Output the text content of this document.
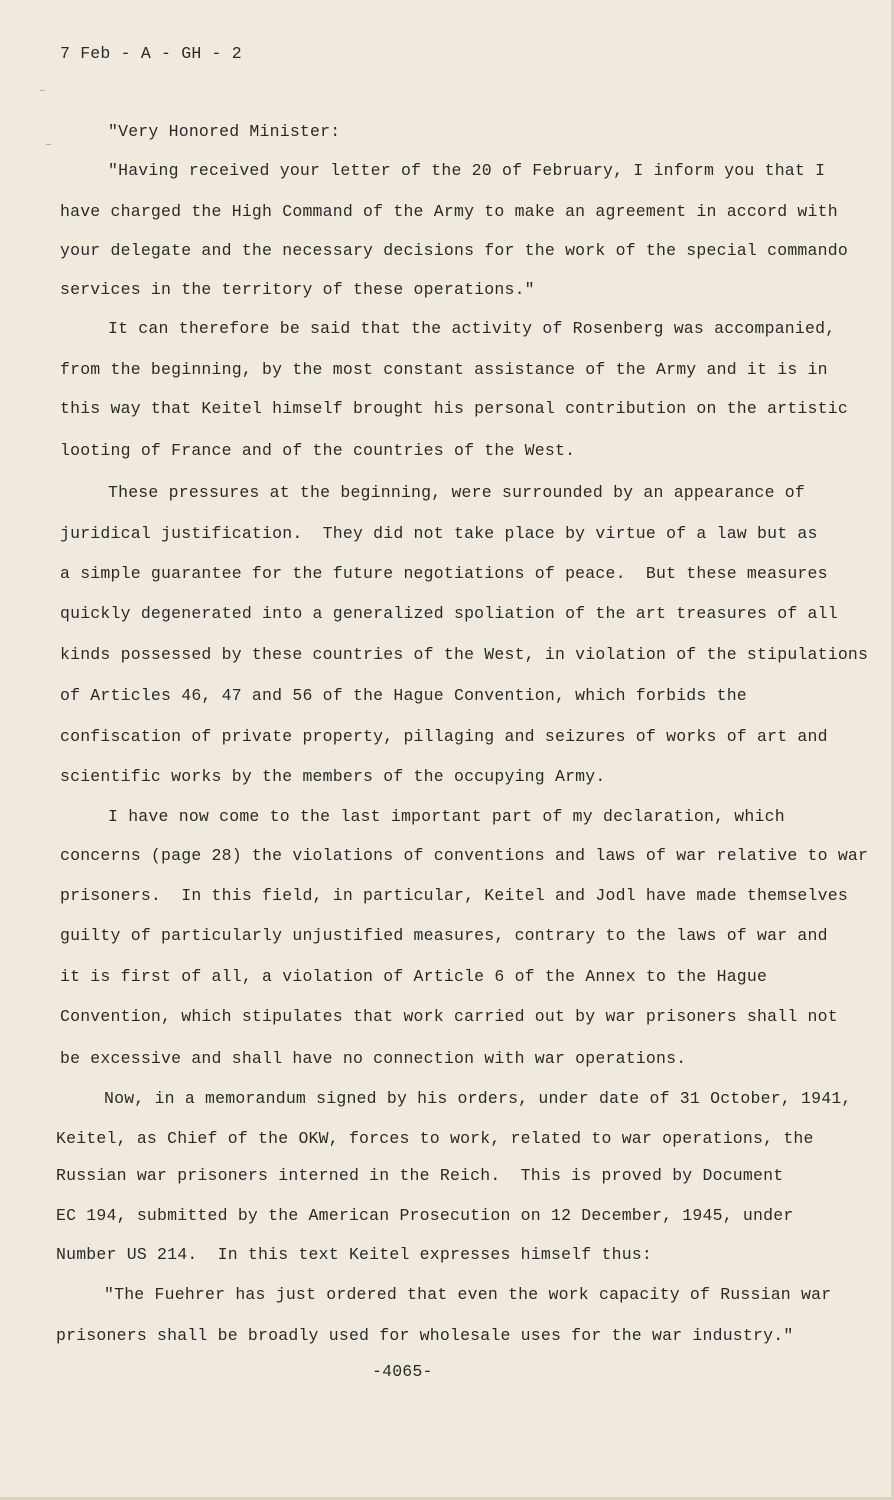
7 Feb - A - GH - 2
"Very Honored Minister:
"Having received your letter of the 20 of February, I inform you that I
have charged the High Command of the Army to make an agreement in accord with
your delegate and the necessary decisions for the work of the special commando
services in the territory of these operations."
It can therefore be said that the activity of Rosenberg was accompanied,
from the beginning, by the most constant assistance of the Army and it is in
this way that Keitel himself brought his personal contribution on the artistic
looting of France and of the countries of the West.
These pressures at the beginning, were surrounded by an appearance of
juridical justification.  They did not take place by virtue of a law but as
a simple guarantee for the future negotiations of peace.  But these measures
quickly degenerated into a generalized spoliation of the art treasures of all
kinds possessed by these countries of the West, in violation of the stipulations
of Articles 46, 47 and 56 of the Hague Convention, which forbids the
confiscation of private property, pillaging and seizures of works of art and
scientific works by the members of the occupying Army.
I have now come to the last important part of my declaration, which
concerns (page 28) the violations of conventions and laws of war relative to war
prisoners.  In this field, in particular, Keitel and Jodl have made themselves
guilty of particularly unjustified measures, contrary to the laws of war and
it is first of all, a violation of Article 6 of the Annex to the Hague
Convention, which stipulates that work carried out by war prisoners shall not
be excessive and shall have no connection with war operations.
Now, in a memorandum signed by his orders, under date of 31 October, 1941,
Keitel, as Chief of the OKW, forces to work, related to war operations, the
Russian war prisoners interned in the Reich.  This is proved by Document
EC 194, submitted by the American Prosecution on 12 December, 1945, under
Number US 214.  In this text Keitel expresses himself thus:
"The Fuehrer has just ordered that even the work capacity of Russian war
prisoners shall be broadly used for wholesale uses for the war industry."
-4065-
